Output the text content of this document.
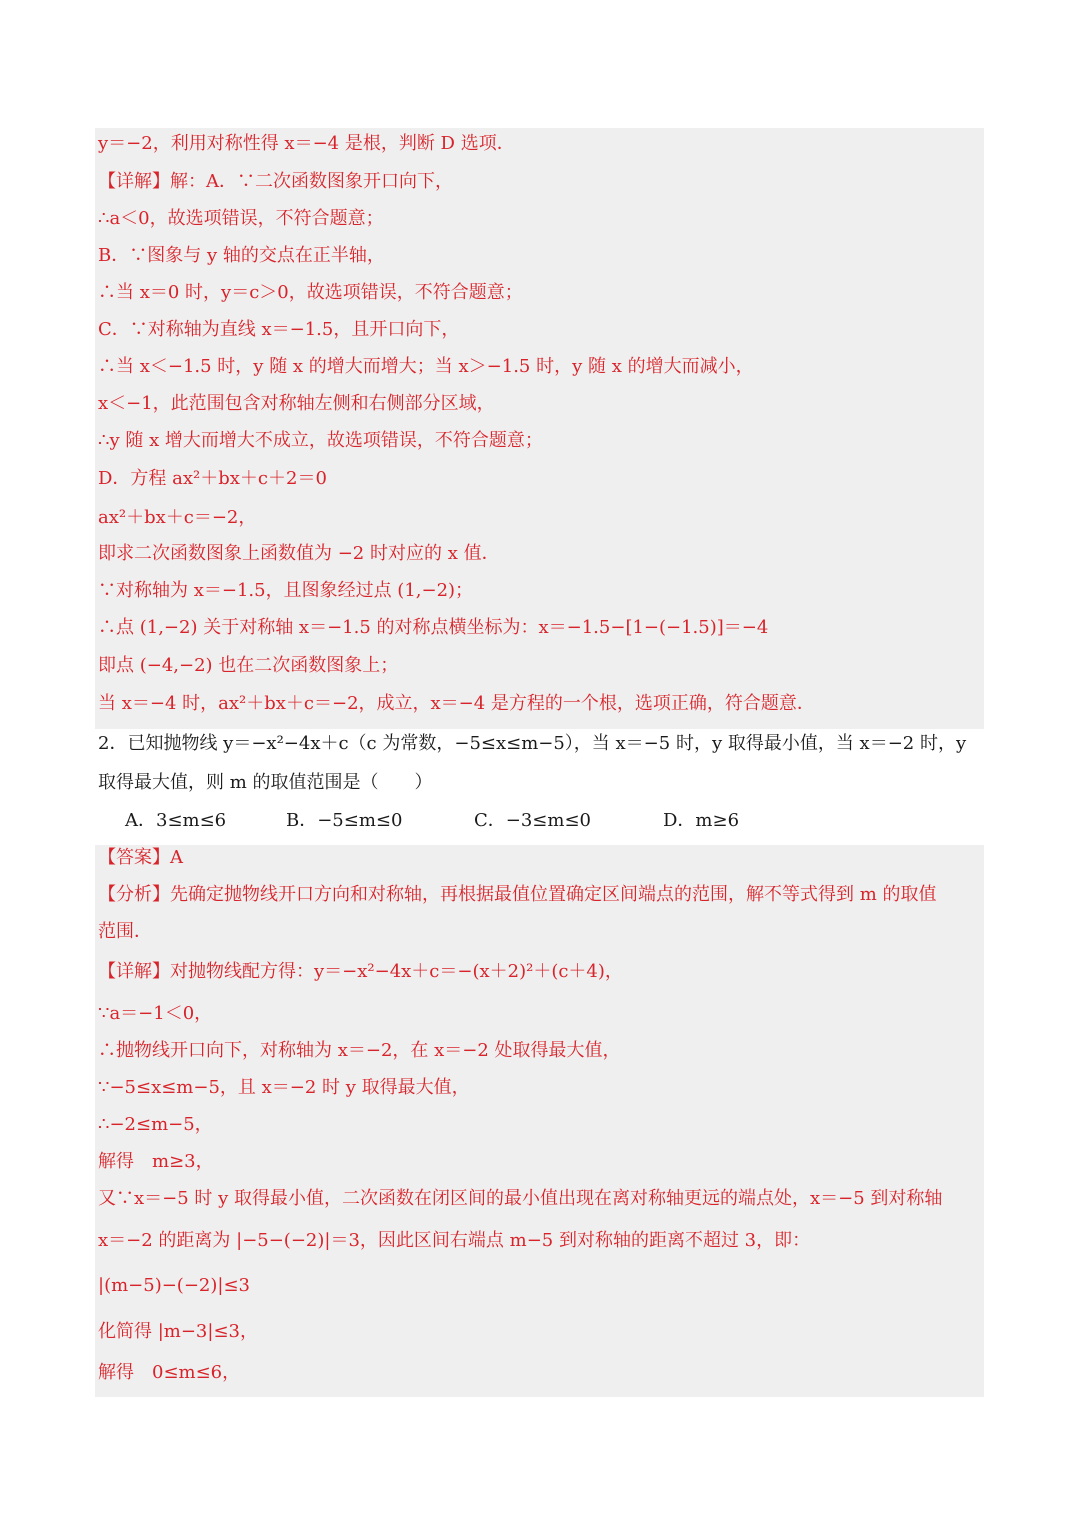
y＝−2，利用对称性得 x＝−4 是根，判断 D 选项．
【详解】解：A．∵二次函数图象开口向下，
∴a＜0，故选项错误，不符合题意；
B．∵图象与 y 轴的交点在正半轴，
∴当 x＝0 时，y＝c＞0，故选项错误，不符合题意；
C．∵对称轴为直线 x＝−1.5，且开口向下，
∴当 x＜−1.5 时，y 随 x 的增大而增大；当 x＞−1.5 时，y 随 x 的增大而减小，
x＜−1，此范围包含对称轴左侧和右侧部分区域，
∴y 随 x 增大而增大不成立，故选项错误，不符合题意；
D．方程 ax²＋bx＋c＋2＝0
ax²＋bx＋c＝−2，
即求二次函数图象上函数值为 −2 时对应的 x 值．
∵对称轴为 x＝−1.5，且图象经过点 (1,−2)；
∴点 (1,−2) 关于对称轴 x＝−1.5 的对称点横坐标为：x＝−1.5−[1−(−1.5)]＝−4
即点 (−4,−2) 也在二次函数图象上；
当 x＝−4 时，ax²＋bx＋c＝−2，成立，x＝−4 是方程的一个根，选项正确，符合题意．
2．已知抛物线 y＝−x²−4x＋c（c 为常数，−5≤x≤m−5），当 x＝−5 时，y 取得最小值，当 x＝−2 时，y
取得最大值，则 m 的取值范围是（　　）
A．3≤m≤6	B．−5≤m≤0	C．−3≤m≤0	D．m≥6
【答案】A
【分析】先确定抛物线开口方向和对称轴，再根据最值位置确定区间端点的范围，解不等式得到 m 的取值
范围．
【详解】对抛物线配方得：y＝−x²−4x＋c＝−(x＋2)²＋(c＋4)，
∵a＝−1＜0，
∴抛物线开口向下，对称轴为 x＝−2，在 x＝−2 处取得最大值，
∵−5≤x≤m−5，且 x＝−2 时 y 取得最大值，
∴−2≤m−5，
解得　m≥3，
又∵x＝−5 时 y 取得最小值，二次函数在闭区间的最小值出现在离对称轴更远的端点处，x＝−5 到对称轴
x＝−2 的距离为 |−5−(−2)|＝3，因此区间右端点 m−5 到对称轴的距离不超过 3，即：
|(m−5)−(−2)|≤3
化简得 |m−3|≤3，
解得　0≤m≤6，
